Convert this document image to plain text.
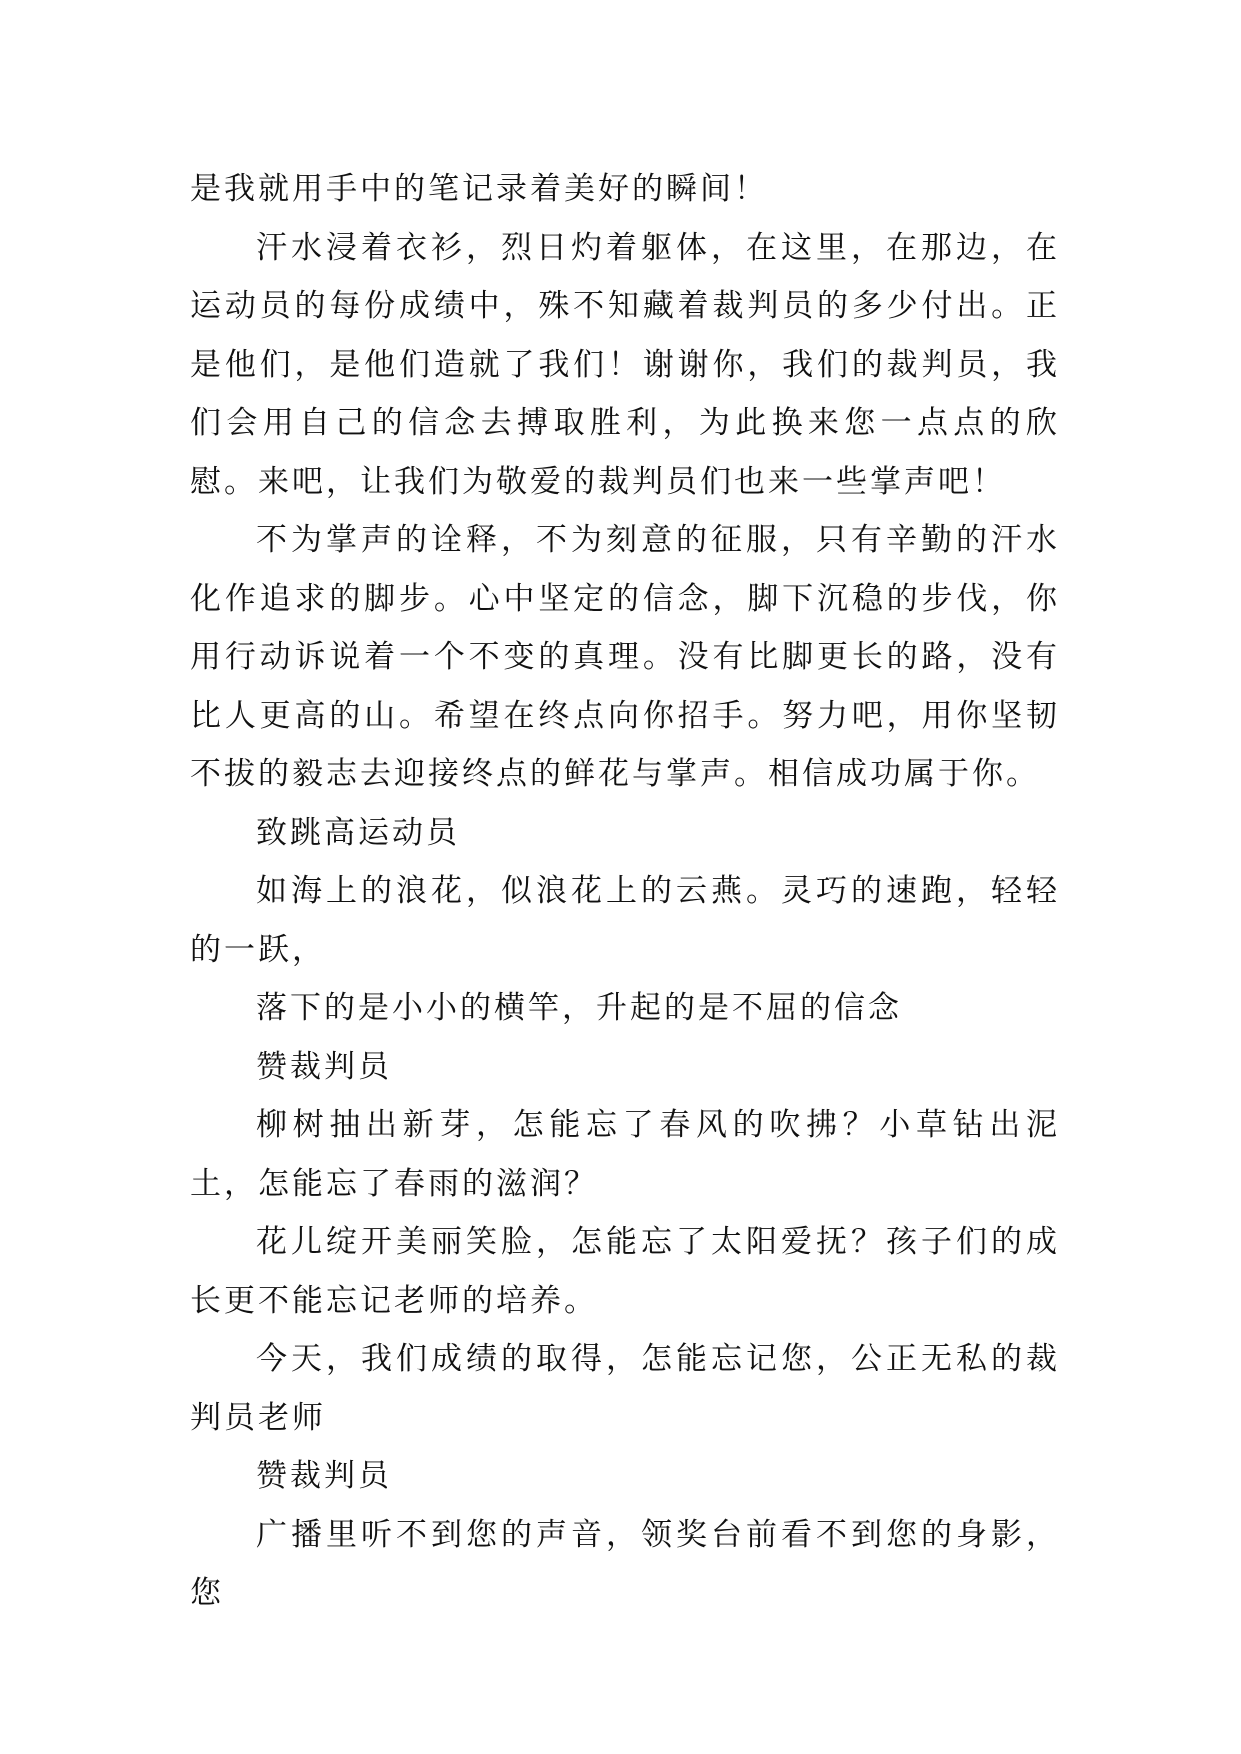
是我就用手中的笔记录着美好的瞬间！

汗水浸着衣衫，烈日灼着躯体，在这里，在那边，在运动员的每份成绩中，殊不知藏着裁判员的多少付出。正是他们，是他们造就了我们！谢谢你，我们的裁判员，我们会用自己的信念去搏取胜利，为此换来您一点点的欣慰。来吧，让我们为敬爱的裁判员们也来一些掌声吧！

不为掌声的诠释，不为刻意的征服，只有辛勤的汗水化作追求的脚步。心中坚定的信念，脚下沉稳的步伐，你用行动诉说着一个不变的真理。没有比脚更长的路，没有比人更高的山。希望在终点向你招手。努力吧，用你坚韧不拔的毅志去迎接终点的鲜花与掌声。相信成功属于你。

致跳高运动员

如海上的浪花，似浪花上的云燕。灵巧的速跑，轻轻的一跃，

落下的是小小的横竿，升起的是不屈的信念

赞裁判员

柳树抽出新芽，怎能忘了春风的吹拂？小草钻出泥土，怎能忘了春雨的滋润？

花儿绽开美丽笑脸，怎能忘了太阳爱抚？孩子们的成长更不能忘记老师的培养。

今天，我们成绩的取得，怎能忘记您，公正无私的裁判员老师

赞裁判员

广播里听不到您的声音，领奖台前看不到您的身影，您
